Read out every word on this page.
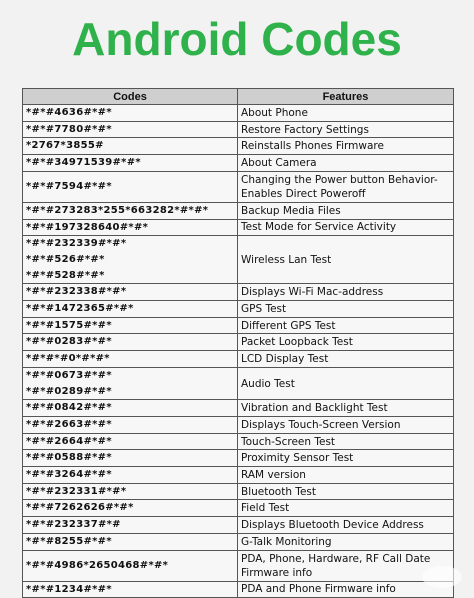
Android Codes
Codes	Features

*#*#4636#*#*	About Phone

*#*#7780#*#*	Restore Factory Settings

*2767*3855#	Reinstalls Phones Firmware

*#*#34971539#*#*	About Camera

*#*#7594#*#*	Changing the Power button Behavior-
Enables Direct Poweroff

*#*#273283*255*663282*#*#*	Backup Media Files

*#*#197328640#*#*	Test Mode for Service Activity

*#*#232339#*#*
*#*#526#*#*
*#*#528#*#*	Wireless Lan Test

*#*#232338#*#*	Displays Wi-Fi Mac-address

*#*#1472365#*#*	GPS Test

*#*#1575#*#*	Different GPS Test

*#*#0283#*#*	Packet Loopback Test

*#*#*#0*#*#*	LCD Display Test

*#*#0673#*#*
*#*#0289#*#*	Audio Test

*#*#0842#*#*	Vibration and Backlight Test

*#*#2663#*#*	Displays Touch-Screen Version

*#*#2664#*#*	Touch-Screen Test

*#*#0588#*#*	Proximity Sensor Test

*#*#3264#*#*	RAM version

*#*#232331#*#*	Bluetooth Test

*#*#7262626#*#*	Field Test

*#*#232337#*#	Displays Bluetooth Device Address

*#*#8255#*#*	G-Talk Monitoring

*#*#4986*2650468#*#*	PDA, Phone, Hardware, RF Call Date
Firmware info

*#*#1234#*#*	PDA and Phone Firmware info
